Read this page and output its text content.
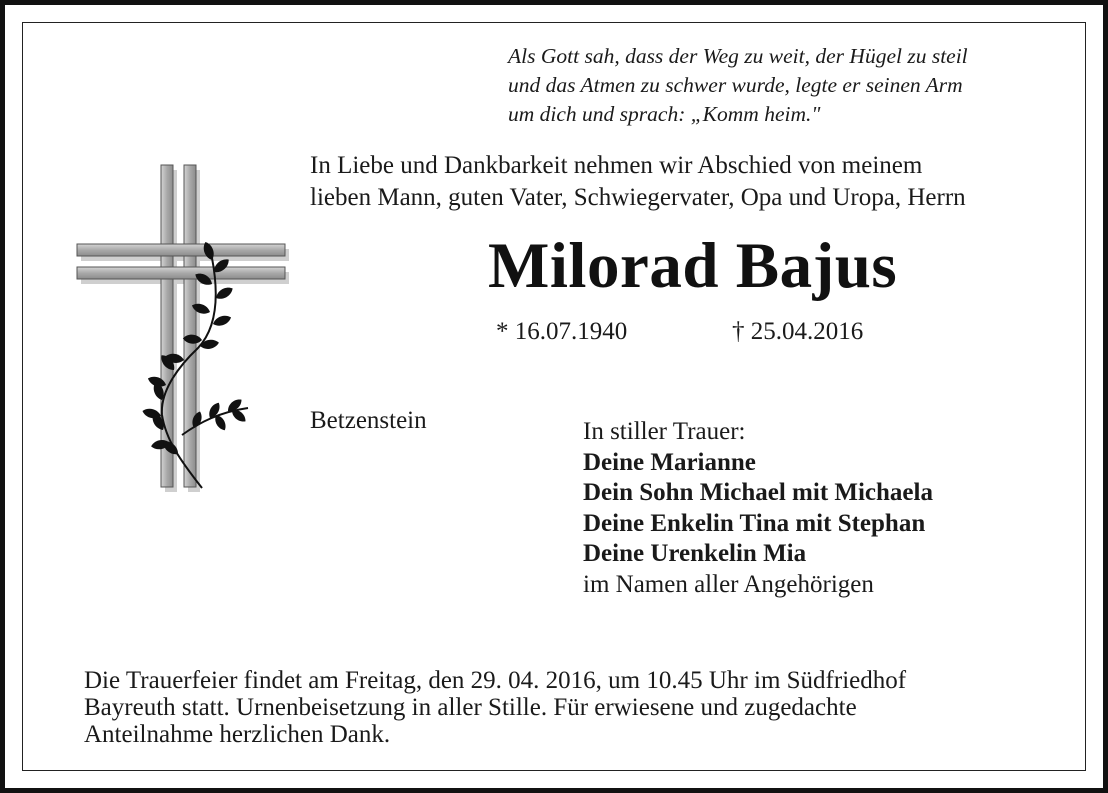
Als Gott sah, dass der Weg zu weit, der Hügel zu steil
und das Atmen zu schwer wurde, legte er seinen Arm
um dich und sprach: „Komm heim."
In Liebe und Dankbarkeit nehmen wir Abschied von meinem
lieben Mann, guten Vater, Schwiegervater, Opa und Uropa, Herrn
Milorad Bajus
* 16.07.1940	† 25.04.2016
Betzenstein	In stiller Trauer:
Deine Marianne
Dein Sohn Michael mit Michaela
Deine Enkelin Tina mit Stephan
Deine Urenkelin Mia
im Namen aller Angehörigen
Die Trauerfeier findet am Freitag, den 29. 04. 2016, um 10.45 Uhr im Südfriedhof
Bayreuth statt. Urnenbeisetzung in aller Stille. Für erwiesene und zugedachte
Anteilnahme herzlichen Dank.
